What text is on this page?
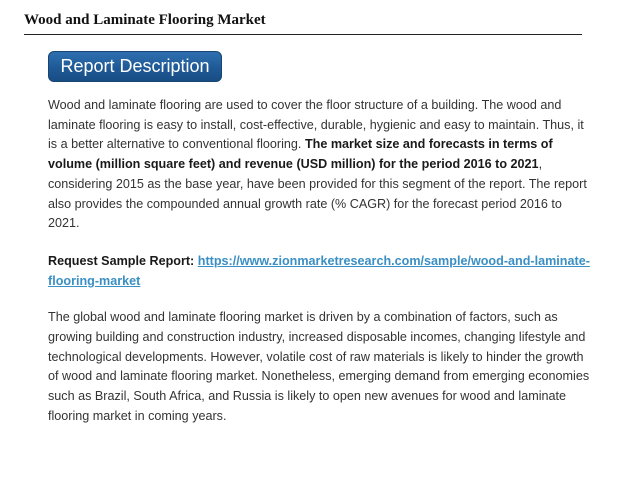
Wood and Laminate Flooring Market
Report Description

Wood and laminate flooring are used to cover the floor structure of a building. The wood and laminate flooring is easy to install, cost-effective, durable, hygienic and easy to maintain. Thus, it is a better alternative to conventional flooring. The market size and forecasts in terms of volume (million square feet) and revenue (USD million) for the period 2016 to 2021, considering 2015 as the base year, have been provided for this segment of the report. The report also provides the compounded annual growth rate (% CAGR) for the forecast period 2016 to 2021.

Request Sample Report: https://www.zionmarketresearch.com/sample/wood-and-laminate-flooring-market

The global wood and laminate flooring market is driven by a combination of factors, such as growing building and construction industry, increased disposable incomes, changing lifestyle and technological developments. However, volatile cost of raw materials is likely to hinder the growth of wood and laminate flooring market. Nonetheless, emerging demand from emerging economies such as Brazil, South Africa, and Russia is likely to open new avenues for wood and laminate flooring market in coming years.
